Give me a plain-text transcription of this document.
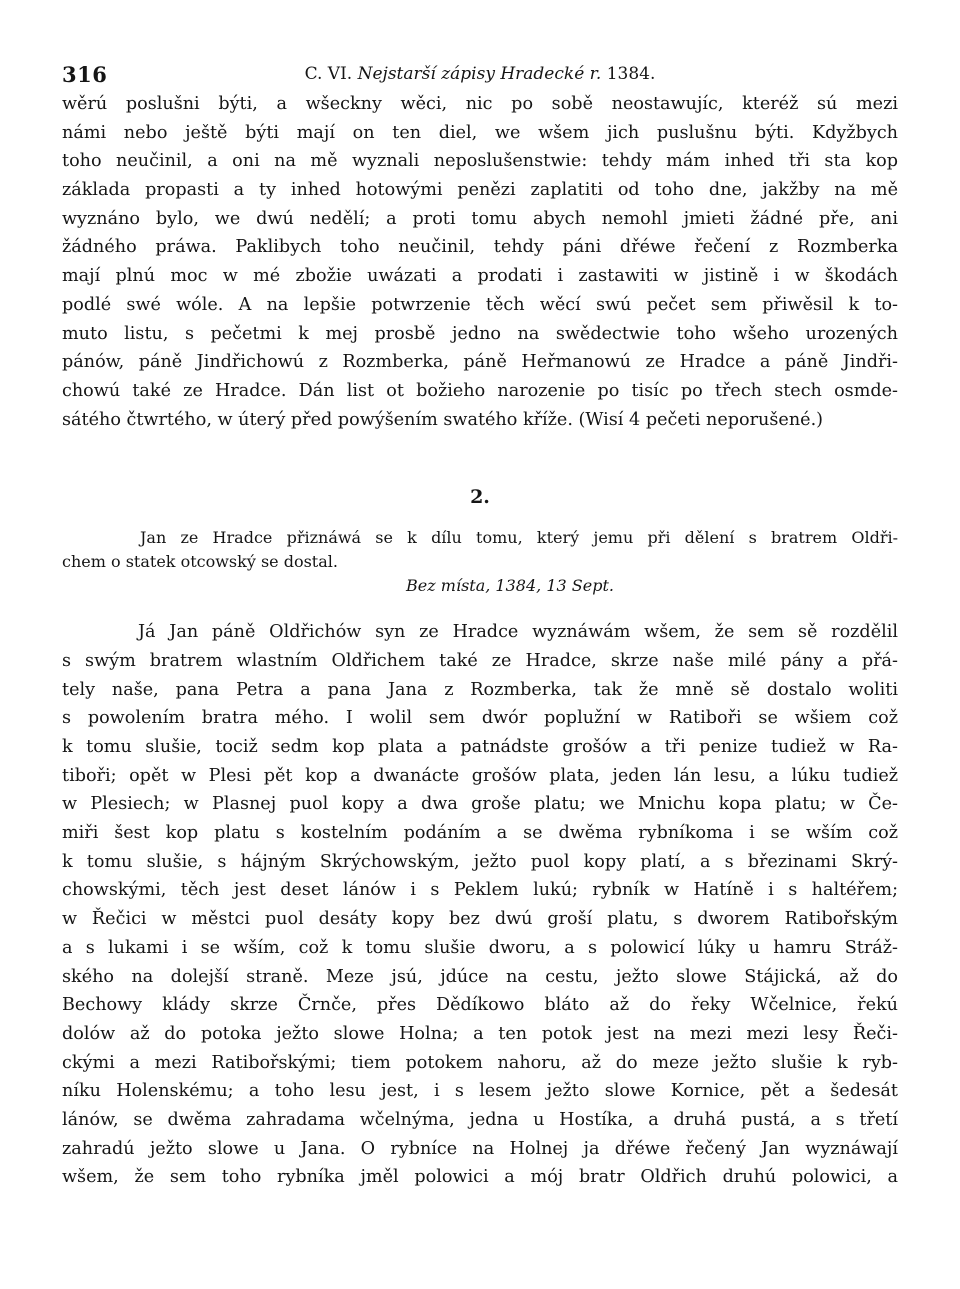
316	C. VI. Nejstarší zápisy Hradecké r. 1384.
wěrú poslušni býti, a wšeckny wěci, nic po sobě neostawujíc, kteréž sú mezi
námi nebo ještě býti mají on ten diel, we wšem jich puslušnu býti. Kdyžbych
toho neučinil, a oni na mě wyznali neposlušenstwie: tehdy mám inhed tři sta kop
základa propasti a ty inhed hotowými penězi zaplatiti od toho dne, jakžby na mě
wyznáno bylo, we dwú nedělí; a proti tomu abych nemohl jmieti žádné pře, ani
žádného práwa. Paklibych toho neučinil, tehdy páni dřéwe řečení z Rozmberka
mají plnú moc w mé zbožie uwázati a prodati i zastawiti w jistině i w škodách
podlé swé wóle. A na lepšie potwrzenie těch wěcí swú pečet sem přiwěsil k to-
muto listu, s pečetmi k mej prosbě jedno na swědectwie toho wšeho urozených
pánów, páně Jindřichowú z Rozmberka, páně Heřmanowú ze Hradce a páně Jindři-
chowú také ze Hradce. Dán list ot božieho narozenie po tisíc po třech stech osmde-
sátého čtwrtého, w úterý před powýšením swatého kříže. (Wisí 4 pečeti neporušené.)
2.
Jan ze Hradce přiznáwá se k dílu tomu, který jemu při dělení s bratrem Oldři-
chem o statek otcowský se dostal.
Bez místa, 1384, 13 Sept.
Já Jan páně Oldřichów syn ze Hradce wyznáwám wšem, že sem sě rozdělil
s swým bratrem wlastním Oldřichem také ze Hradce, skrze naše milé pány a přá-
tely naše, pana Petra a pana Jana z Rozmberka, tak že mně sě dostalo woliti
s powolením bratra mého. I wolil sem dwór poplužní w Ratiboři se wšiem což
k tomu slušie, tociž sedm kop plata a patnádste grošów a tři penize tudiež w Ra-
tiboři; opět w Plesi pět kop a dwanácte grošów plata, jeden lán lesu, a lúku tudiež
w Plesiech; w Plasnej puol kopy a dwa groše platu; we Mnichu kopa platu; w Če-
miři šest kop platu s kostelním podáním a se dwěma rybníkoma i se wším což
k tomu slušie, s hájným Skrýchowským, ježto puol kopy platí, a s březinami Skrý-
chowskými, těch jest deset lánów i s Peklem lukú; rybník w Hatíně i s haltéřem;
w Řečici w městci puol desáty kopy bez dwú groší platu, s dworem Ratibořským
a s lukami i se wším, což k tomu slušie dworu, a s polowicí lúky u hamru Stráž-
ského na dolejší straně. Meze jsú, jdúce na cestu, ježto slowe Stájická, až do
Bechowy klády skrze Črnče, přes Dědíkowo bláto až do řeky Wčelnice, řekú
dolów až do potoka ježto slowe Holna; a ten potok jest na mezi mezi lesy Řeči-
ckými a mezi Ratibořskými; tiem potokem nahoru, až do meze ježto slušie k ryb-
níku Holenskému; a toho lesu jest, i s lesem ježto slowe Kornice, pět a šedesát
lánów, se dwěma zahradama wčelnýma, jedna u Hostíka, a druhá pustá, a s třetí
zahradú ježto slowe u Jana. O rybníce na Holnej ja dřéwe řečený Jan wyznáwají
wšem, že sem toho rybníka jměl polowici a mój bratr Oldřich druhú polowici, a
